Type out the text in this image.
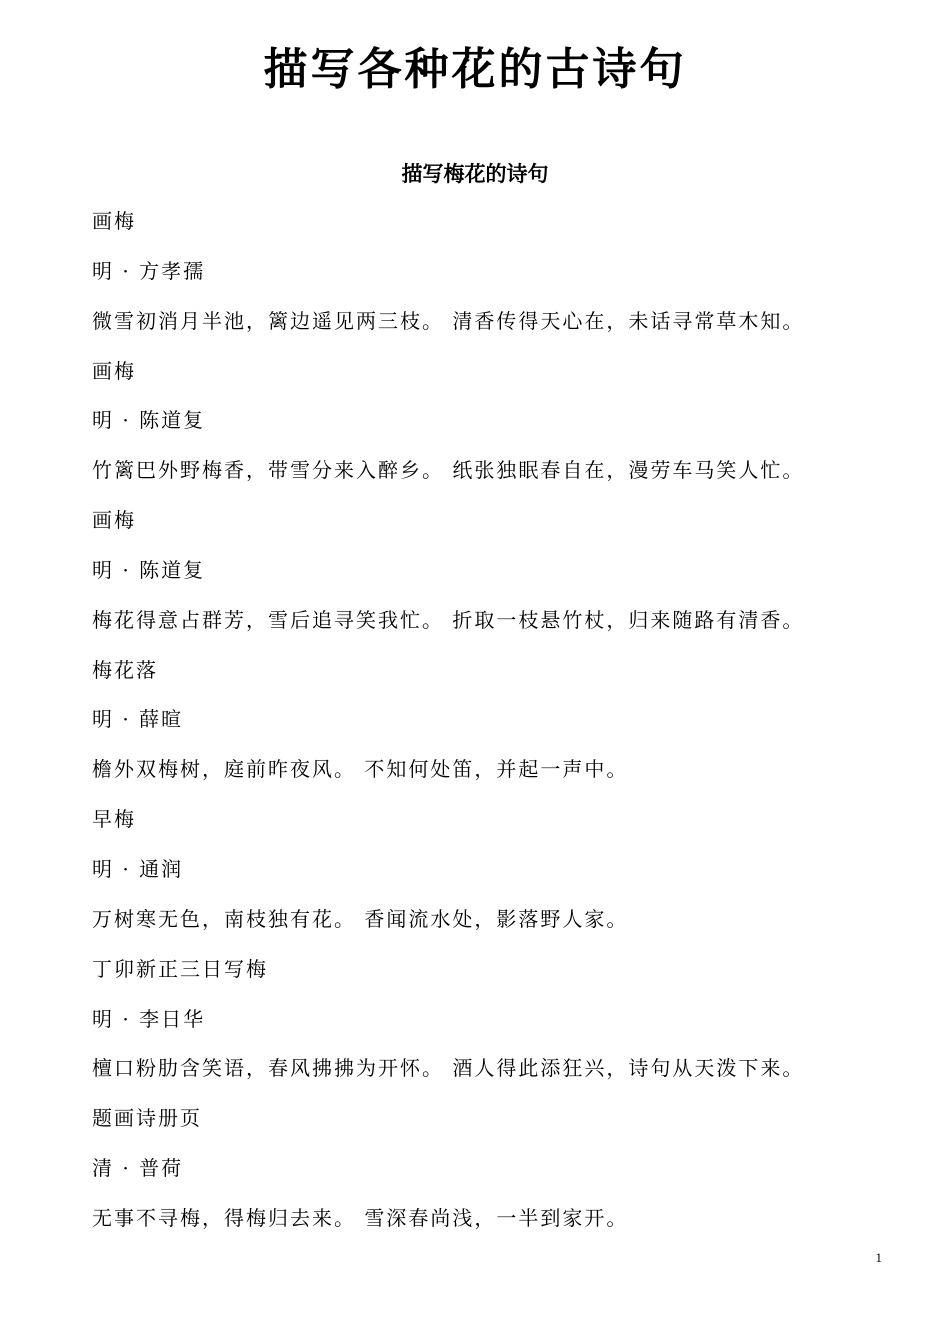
描写各种花的古诗句
描写梅花的诗句
画梅
明 · 方孝孺
微雪初消月半池，篱边遥见两三枝。 清香传得天心在，未话寻常草木知。
画梅
明 · 陈道复
竹篱巴外野梅香，带雪分来入醉乡。 纸张独眠春自在，漫劳车马笑人忙。
画梅
明 · 陈道复
梅花得意占群芳，雪后追寻笑我忙。 折取一枝悬竹杖，归来随路有清香。
梅花落
明 · 薛暄
檐外双梅树，庭前昨夜风。 不知何处笛，并起一声中。
早梅
明 · 通润
万树寒无色，南枝独有花。 香闻流水处，影落野人家。
丁卯新正三日写梅
明 · 李日华
檀口粉肋含笑语，春风拂拂为开怀。 酒人得此添狂兴，诗句从天泼下来。
题画诗册页
清 · 普荷
无事不寻梅，得梅归去来。 雪深春尚浅，一半到家开。
1
